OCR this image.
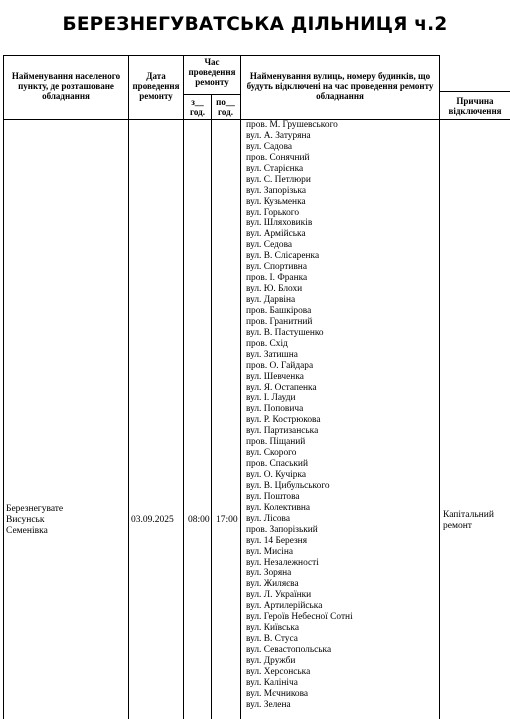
БЕРЕЗНЕГУВАТСЬКА ДІЛЬНИЦЯ ч.2
Найменування населеного пункту, де розташоване обладнання
Дата проведення ремонту
Час проведення ремонту
з__ год.
по__ год.
Найменування вулиць, номеру будинків, що будуть відключені на час проведення ремонту обладнання	Причина відключення
Березнегувате
Висунськ
Семенівка
03.09.2025 08:00 17:00	Капітальний ремонт
пров. М. Грушевського
вул. А. Затуряна
вул. Садова
пров. Сонячний
вул. Старієнка
вул. С. Петлюри
вул. Запорізька
вул. Кузьменка
вул. Горького
вул. Шляховиків
вул. Армійська
вул. Седова
вул. В. Слісаренка
вул. Спортивна
пров. І. Франка
вул. Ю. Блохи
вул. Дарвіна
пров. Башкірова
пров. Гранитний
вул. В. Пастушенко
пров. Схід
вул. Затишна
пров. О. Гайдара
вул. Шевченка
вул. Я. Остапенка
вул. І. Лауди
вул. Поповича
вул. Р. Кострюкова
вул. Партизанська
пров. Піщаний
вул. Скорого
пров. Спаський
вул. О. Кучірка
вул. В. Цибульського
вул. Поштова
вул. Колективна
вул. Лісова
пров. Запорізький
вул. 14 Березня
вул. Мисіна
вул. Незалежності
вул. Зоряна
вул. Жиляєва
вул. Л. Українки
вул. Артилерійська
вул. Героїв Небесної Сотні
вул. Київська
вул. В. Стуса
вул. Севастопольська
вул. Дружби
вул. Херсонська
вул. Калініча
вул. Мєчникова
вул. Зелена
